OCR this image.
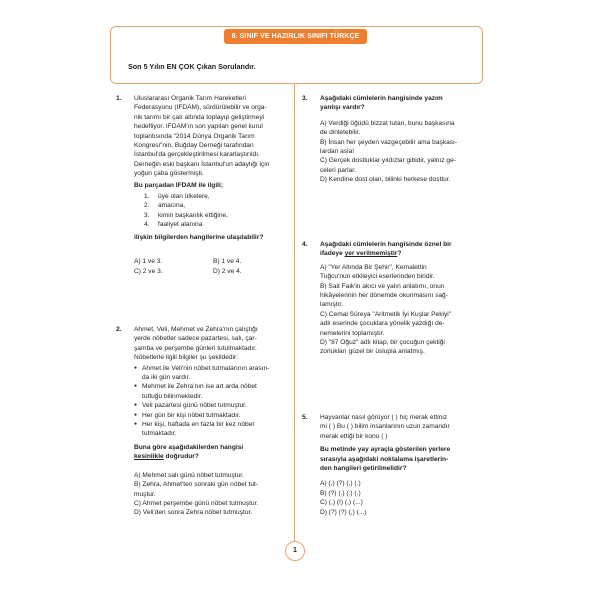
8. SINIF VE HAZIRLIK SINIFI TÜRKÇE
Son 5 Yılın EN ÇOK Çıkan Sorulandır.
1. Uluslararası Organik Tarım Hareketleri
Federasyonu (IFDAM), sürdürülebilir ve orga-
nik tarımı bir çatı altında toplayıp geliştirmeyi
hedefliyor. IFDAM'ın son yapılan genel kurul
toplantısında "2014 Dünya Organik Tarım
Kongresi"nin, Buğday Derneği tarafından
İstanbul'da gerçekleştirilmesi kararlaştırıldı.
Derneğin eski başkanı İstanbul'un adaylığı için
yoğun çaba göstermişti.
Bu parçadan IFDAM ile ilgili;
1. üye olan ülkelere,
2. amacına,
3. kimin başkanlık ettiğine,
4. faaliyet alanına
ilişkin bilgilerden hangilerine ulaşılabilir?
A) 1 ve 3.	B) 1 ve 4.
C) 2 ve 3.	D) 2 ve 4.
2. Ahmet, Veli, Mehmet ve Zehra'nın çalıştığı
yerde nöbetler sadece pazartesi, salı, çar-
şamba ve perşembe günleri tutulmaktadır.
Nöbetlerle ilgili bilgiler şu şekildedir:
● Ahmet ile Veli'nin nöbet tutmalarının arasın-
da iki gün vardır.
● Mehmet ile Zehra'nın ise art arda nöbet
tuttuğu bilinmektedir.
● Veli pazartesi günü nöbet tutmuştur.
● Her gün bir kişi nöbet tutmaktadır.
● Her kişi, haftada en fazla bir kez nöbet
tutmaktadır.
Buna göre aşağıdakilerden hangisi
kesinlikle doğrudur?
A) Mehmet salı günü nöbet tutmuştur.
B) Zehra, Ahmet'ten sonraki gün nöbet tut-
muştur.
C) Ahmet perşembe günü nöbet tutmuştur.
D) Veli'den sonra Zehra nöbet tutmuştur.
3. Aşağıdaki cümlelerin hangisinde yazım
yanlışı vardır?
A) Verdiği öğüdü bizzat tutan, bunu başkasına
de dinletebilir.
B) İnsan her şeyden vazgeçebilir ama başkası-
lardan asla!
C) Gerçek dostluklar yıldızlar gibidir, yalnız ge-
celeri parlar.
D) Kendine dost olan, bilinki herkese dosttur.
4. Aşağıdaki cümlelerin hangisinde öznel bir
ifadeye yer verilmemiştir?
A) "Yer Altında Bir Şehir", Kemalettin
Tuğcu'nun etkileyici eserlerinden biridir.
B) Sait Faik'in akıcı ve yalın anlatımı, onun
hikâyelerinin her dönemde okunmasını sağ-
lamıştır.
C) Cemal Süreya "Aritmetik İyi Kuşlar Pekiyi"
adlı eserinde çocuklara yönelik yazdığı de-
nemelerini toplamıştır.
D) "87 Oğuz" adlı kitap, bir çocuğun çektiği
zorlukları güzel bir üslupla anlatmış.
5. Hayvanlar nasıl görüyor ( ) hiç merak ettiniz
mi ( ) Bu ( ) bilim insanlarının uzun zamandır
merak ettiği bir konu ( )
Bu metinde yay ayraçla gösterilen yerlere
sırasıyla aşağıdaki noktalama işaretlerin-
den hangileri getirilmelidir?
A) (,) (?) (,) (.)
B) (?) (.) (:) (.)
C) (,) (!) (,) (...)
D) (?) (?) (,) (...)
1
